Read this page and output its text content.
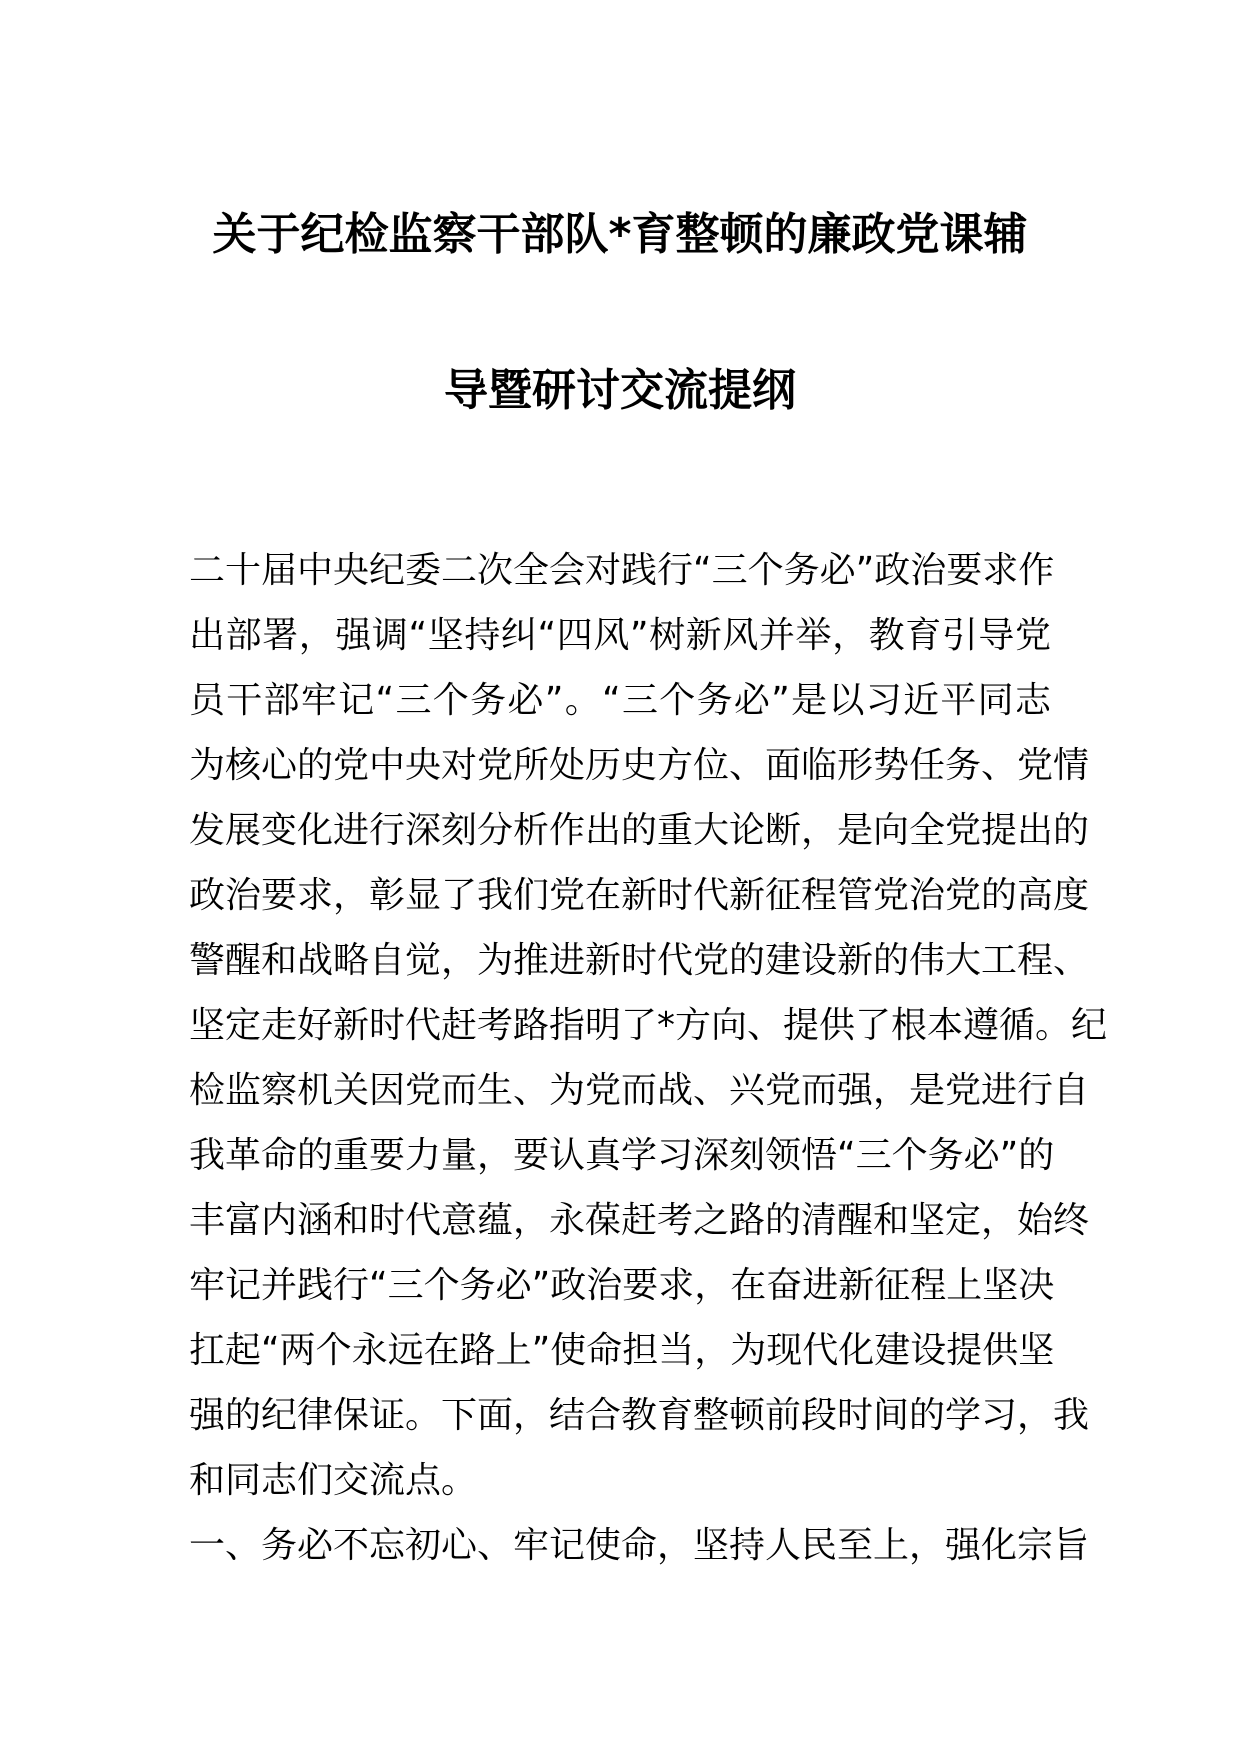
关于纪检监察干部队*育整顿的廉政党课辅
导暨研讨交流提纲
二十届中央纪委二次全会对践行“三个务必”政治要求作
出部署，强调“坚持纠“四风”树新风并举，教育引导党
员干部牢记“三个务必”。“三个务必”是以习近平同志
为核心的党中央对党所处历史方位、面临形势任务、党情
发展变化进行深刻分析作出的重大论断，是向全党提出的
政治要求，彰显了我们党在新时代新征程管党治党的高度
警醒和战略自觉，为推进新时代党的建设新的伟大工程、
坚定走好新时代赶考路指明了*方向、提供了根本遵循。纪
检监察机关因党而生、为党而战、兴党而强，是党进行自
我革命的重要力量，要认真学习深刻领悟“三个务必”的
丰富内涵和时代意蕴，永葆赶考之路的清醒和坚定，始终
牢记并践行“三个务必”政治要求，在奋进新征程上坚决
扛起“两个永远在路上”使命担当，为现代化建设提供坚
强的纪律保证。下面，结合教育整顿前段时间的学习，我
和同志们交流点。
一、务必不忘初心、牢记使命，坚持人民至上，强化宗旨
